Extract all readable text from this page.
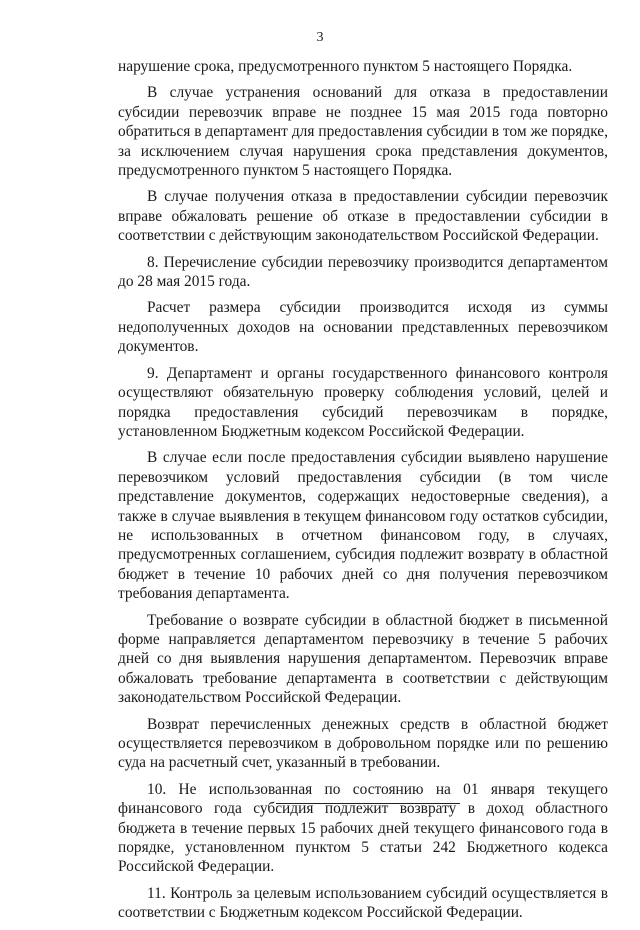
3

нарушение срока, предусмотренного пунктом 5 настоящего Порядка.

В случае устранения оснований для отказа в предоставлении субсидии перевозчик вправе не позднее 15 мая 2015 года повторно обратиться в департамент для предоставления субсидии в том же порядке, за исключением случая нарушения срока представления документов, предусмотренного пунктом 5 настоящего Порядка.

В случае получения отказа в предоставлении субсидии перевозчик вправе обжаловать решение об отказе в предоставлении субсидии в соответствии с действующим законодательством Российской Федерации.

8. Перечисление субсидии перевозчику производится департаментом до 28 мая 2015 года.

Расчет размера субсидии производится исходя из суммы недополученных доходов на основании представленных перевозчиком документов.

9. Департамент и органы государственного финансового контроля осуществляют обязательную проверку соблюдения условий, целей и порядка предоставления субсидий перевозчикам в порядке, установленном Бюджетным кодексом Российской Федерации.

В случае если после предоставления субсидии выявлено нарушение перевозчиком условий предоставления субсидии (в том числе представление документов, содержащих недостоверные сведения), а также в случае выявления в текущем финансовом году остатков субсидии, не использованных в отчетном финансовом году, в случаях, предусмотренных соглашением, субсидия подлежит возврату в областной бюджет в течение 10 рабочих дней со дня получения перевозчиком требования департамента.

Требование о возврате субсидии в областной бюджет в письменной форме направляется департаментом перевозчику в течение 5 рабочих дней со дня выявления нарушения департаментом. Перевозчик вправе обжаловать требование департамента в соответствии с действующим законодательством Российской Федерации.

Возврат перечисленных денежных средств в областной бюджет осуществляется перевозчиком в добровольном порядке или по решению суда на расчетный счет, указанный в требовании.

10. Не использованная по состоянию на 01 января текущего финансового года субсидия подлежит возврату в доход областного бюджета в течение первых 15 рабочих дней текущего финансового года в порядке, установленном пунктом 5 статьи 242 Бюджетного кодекса Российской Федерации.

11. Контроль за целевым использованием субсидий осуществляется в соответствии с Бюджетным кодексом Российской Федерации.
